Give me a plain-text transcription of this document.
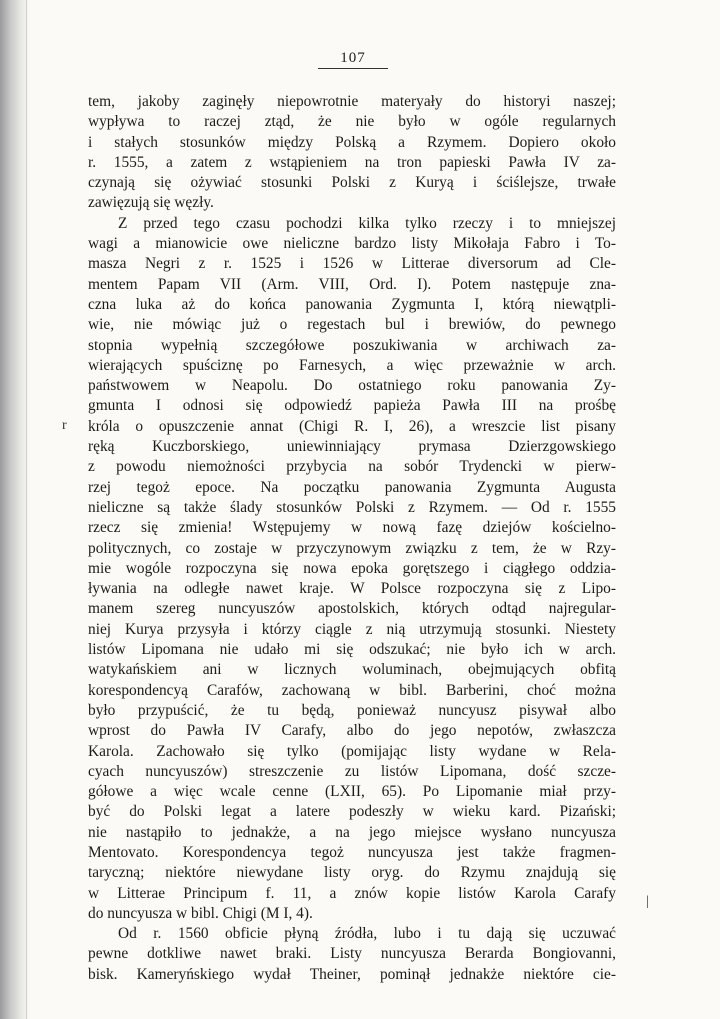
107
tem, jakoby zaginęły niepowrotnie materyały do historyi naszej;
wypływa to raczej ztąd, że nie było w ogóle regularnych
i stałych stosunków między Polską a Rzymem. Dopiero około
r. 1555, a zatem z wstąpieniem na tron papieski Pawła IV za-
czynają się ożywiać stosunki Polski z Kuryą i ściślejsze, trwałe
zawięzują się węzły.
Z przed tego czasu pochodzi kilka tylko rzeczy i to mniejszej
wagi a mianowicie owe nieliczne bardzo listy Mikołaja Fabro i To-
masza Negri z r. 1525 i 1526 w Litterae diversorum ad Cle-
mentem Papam VII (Arm. VIII, Ord. I). Potem następuje zna-
czna luka aż do końca panowania Zygmunta I, którą niewątpli-
wie, nie mówiąc już o regestach bul i brewiów, do pewnego
stopnia wypełnią szczegółowe poszukiwania w archiwach za-
wierających spuściznę po Farnesych, a więc przeważnie w arch.
państwowem w Neapolu. Do ostatniego roku panowania Zy-
gmunta I odnosi się odpowiedź papieża Pawła III na prośbę
króla o opuszczenie annat (Chigi R. I, 26), a wreszcie list pisany
ręką Kuczborskiego, uniewinniający prymasa Dzierzgowskiego
z powodu niemożności przybycia na sobór Trydencki w pierw-
rzej tegoż epoce. Na początku panowania Zygmunta Augusta
nieliczne są także ślady stosunków Polski z Rzymem. — Od r. 1555
rzecz się zmienia! Wstępujemy w nową fazę dziejów kościelno-
politycznych, co zostaje w przyczynowym związku z tem, że w Rzy-
mie wogóle rozpoczyna się nowa epoka gorętszego i ciągłego oddzia-
ływania na odległe nawet kraje. W Polsce rozpoczyna się z Lipo-
manem szereg nuncyuszów apostolskich, których odtąd najregular-
niej Kurya przysyła i którzy ciągle z nią utrzymują stosunki. Niestety
listów Lipomana nie udało mi się odszukać; nie było ich w arch.
watykańskiem ani w licznych woluminach, obejmujących obfitą
korespondencyą Carafów, zachowaną w bibl. Barberini, choć można
było przypuścić, że tu będą, ponieważ nuncyusz pisywał albo
wprost do Pawła IV Carafy, albo do jego nepotów, zwłaszcza
Karola. Zachowało się tylko (pomijając listy wydane w Rela-
cyach nuncyuszów) streszczenie zu listów Lipomana, dość szcze-
gółowe a więc wcale cenne (LXII, 65). Po Lipomanie miał przy-
być do Polski legat a latere podeszły w wieku kard. Pizański;
nie nastąpiło to jednakże, a na jego miejsce wysłano nuncyusza
Mentovato. Korespondencya tegoż nuncyusza jest także fragmen-
taryczną; niektóre niewydane listy oryg. do Rzymu znajdują się
w Litterae Principum f. 11, a znów kopie listów Karola Carafy
do nuncyusza w bibl. Chigi (M I, 4).
Od r. 1560 obficie płyną źródła, lubo i tu dają się uczuwać
pewne dotkliwe nawet braki. Listy nuncyusza Berarda Bongiovanni,
bisk. Kameryńskiego wydał Theiner, pominął jednakże niektóre cie-
r
|
